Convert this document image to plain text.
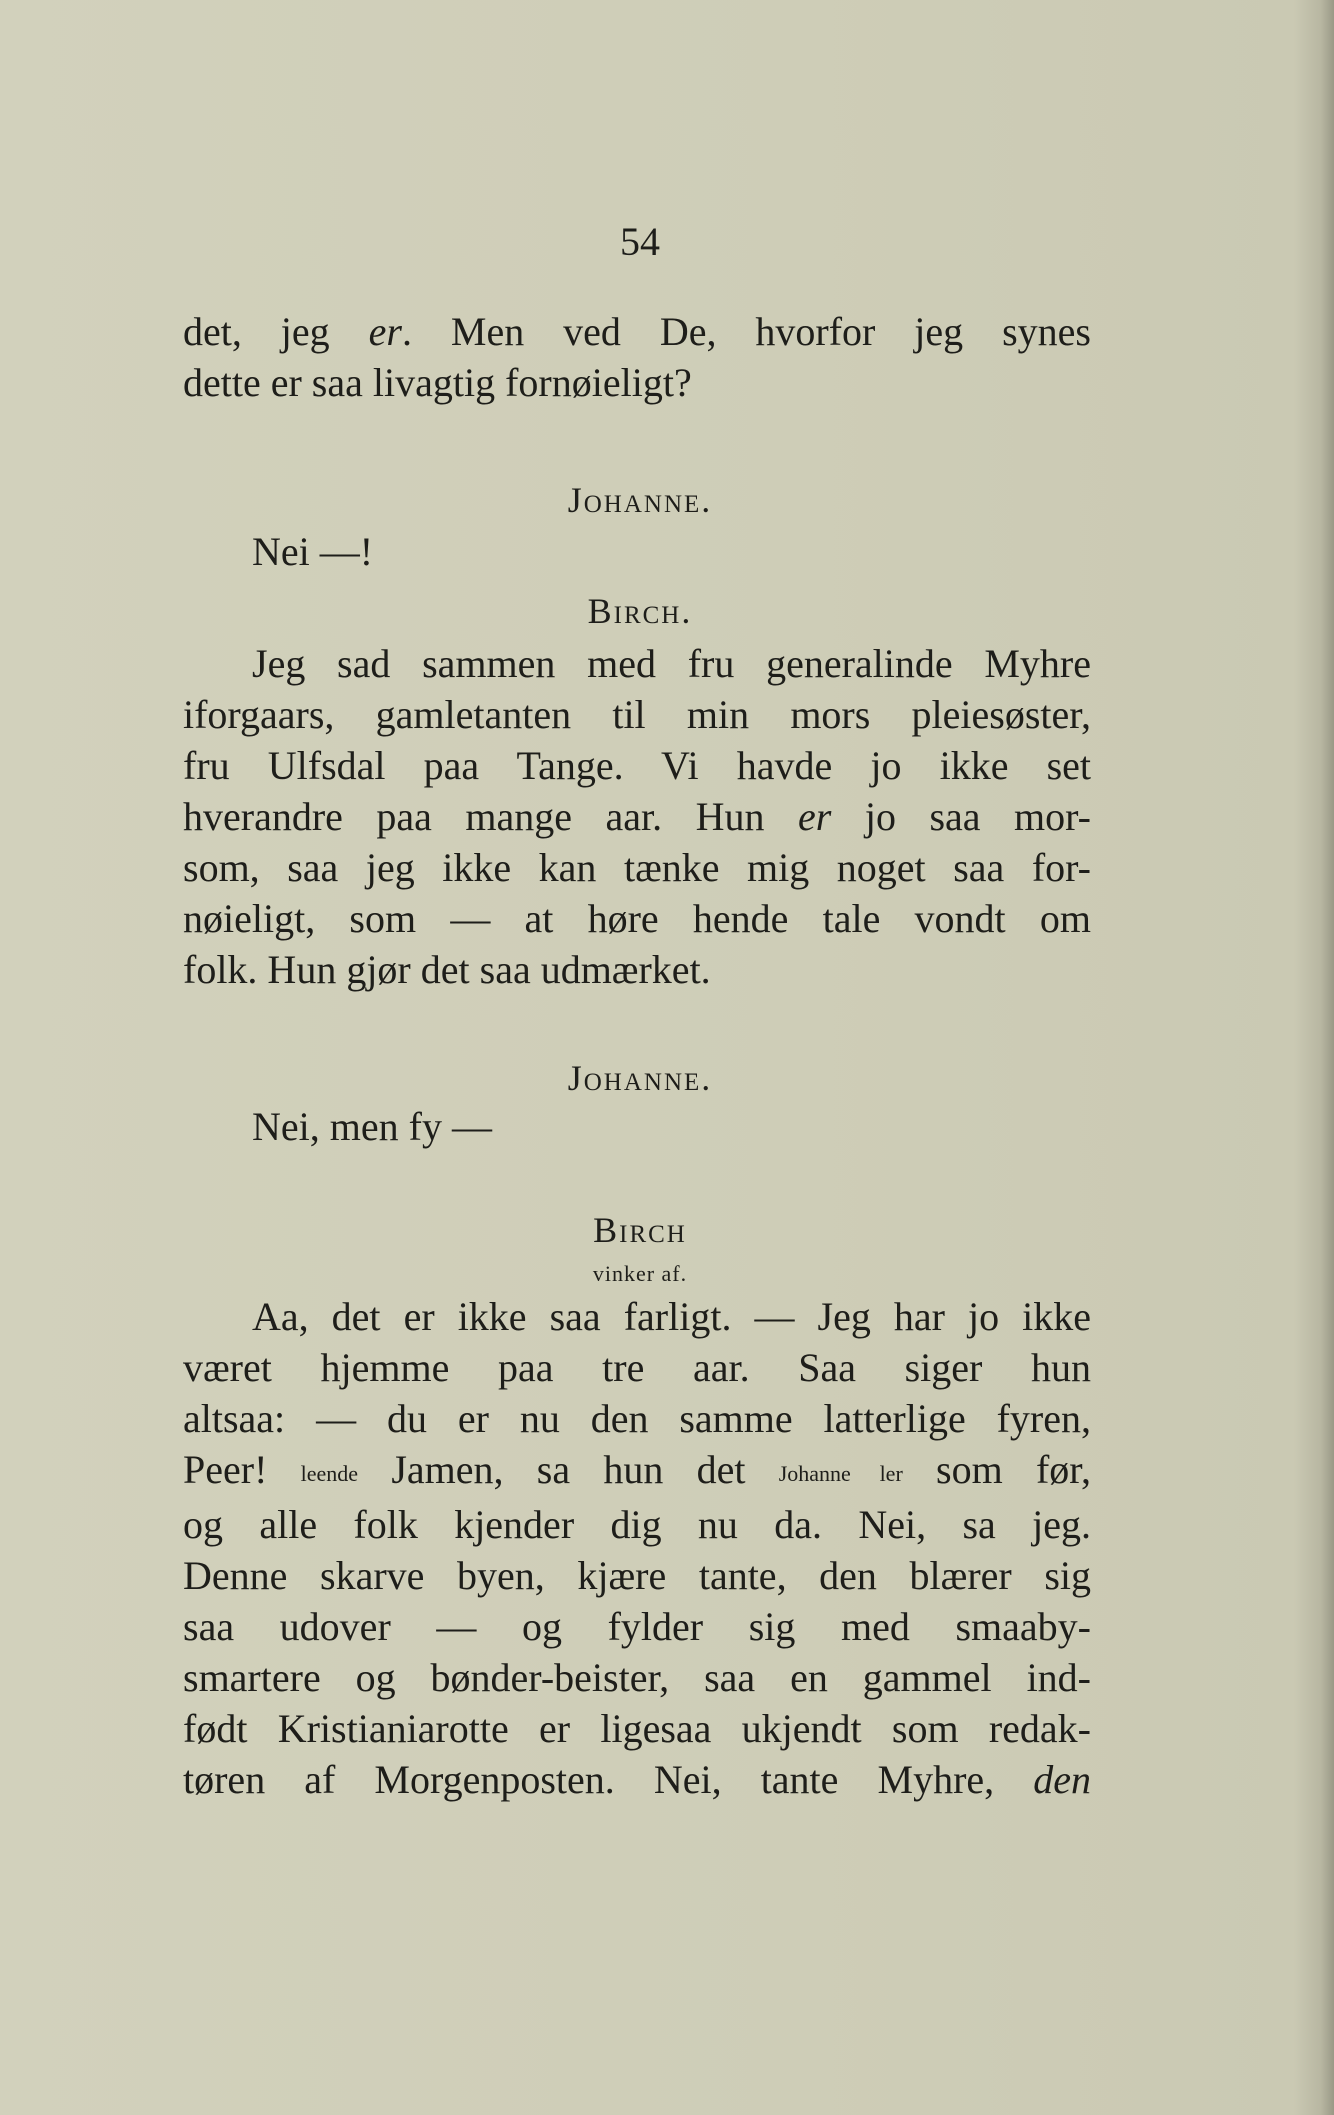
54
det, jeg er. Men ved De, hvorfor jeg synes
dette er saa livagtig fornøieligt?
Johanne.
Nei —!
Birch.
Jeg sad sammen med fru generalinde Myhre
iforgaars, gamletanten til min mors pleiesøster,
fru Ulfsdal paa Tange. Vi havde jo ikke set
hverandre paa mange aar. Hun er jo saa mor-
som, saa jeg ikke kan tænke mig noget saa for-
nøieligt, som — at høre hende tale vondt om
folk. Hun gjør det saa udmærket.
Johanne.
Nei, men fy —
Birch
vinker af.
Aa, det er ikke saa farligt. — Jeg har jo ikke
været hjemme paa tre aar. Saa siger hun
altsaa: — du er nu den samme latterlige fyren,
Peer! leende Jamen, sa hun det Johanne ler som før,
og alle folk kjender dig nu da. Nei, sa jeg.
Denne skarve byen, kjære tante, den blærer sig
saa udover — og fylder sig med smaaby-
smartere og bønder-beister, saa en gammel ind-
født Kristianiarotte er ligesaa ukjendt som redak-
tøren af Morgenposten. Nei, tante Myhre, den
